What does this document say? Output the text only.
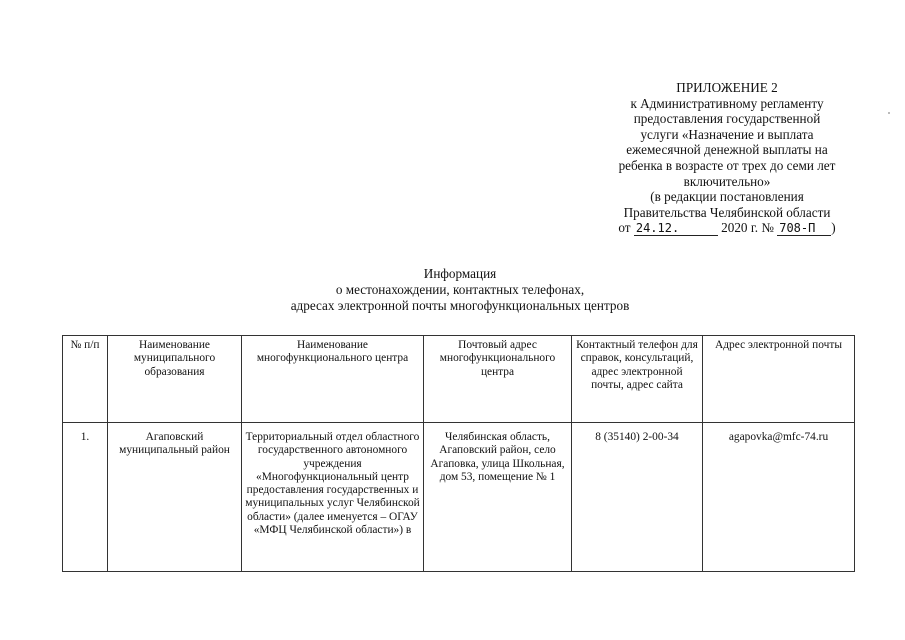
ПРИЛОЖЕНИЕ 2
к Административному регламенту
предоставления государственной
услуги «Назначение и выплата
ежемесячной денежной выплаты на
ребенка в возрасте от трех до семи лет
включительно»
(в редакции постановления
Правительства Челябинской области
от 24.12.	2020 г. № 708-П )
Информация
о местонахождении, контактных телефонах,
адресах электронной почты многофункциональных центров
№ п/п	Наименование муниципального образования	Наименование многофункционального центра	Почтовый адрес многофункционального центра	Контактный телефон для справок, консультаций, адрес электронной почты, адрес сайта	Адрес электронной почты
1.	Агаповский муниципальный район	Территориальный отдел областного государственного автономного учреждения «Многофункциональный центр предоставления государственных и муниципальных услуг Челябинской области» (далее именуется – ОГАУ «МФЦ Челябинской области») в	Челябинская область, Агаповский район, село Агаповка, улица Школьная, дом 53, помещение № 1	8 (35140) 2-00-34	agapovka@mfc-74.ru
